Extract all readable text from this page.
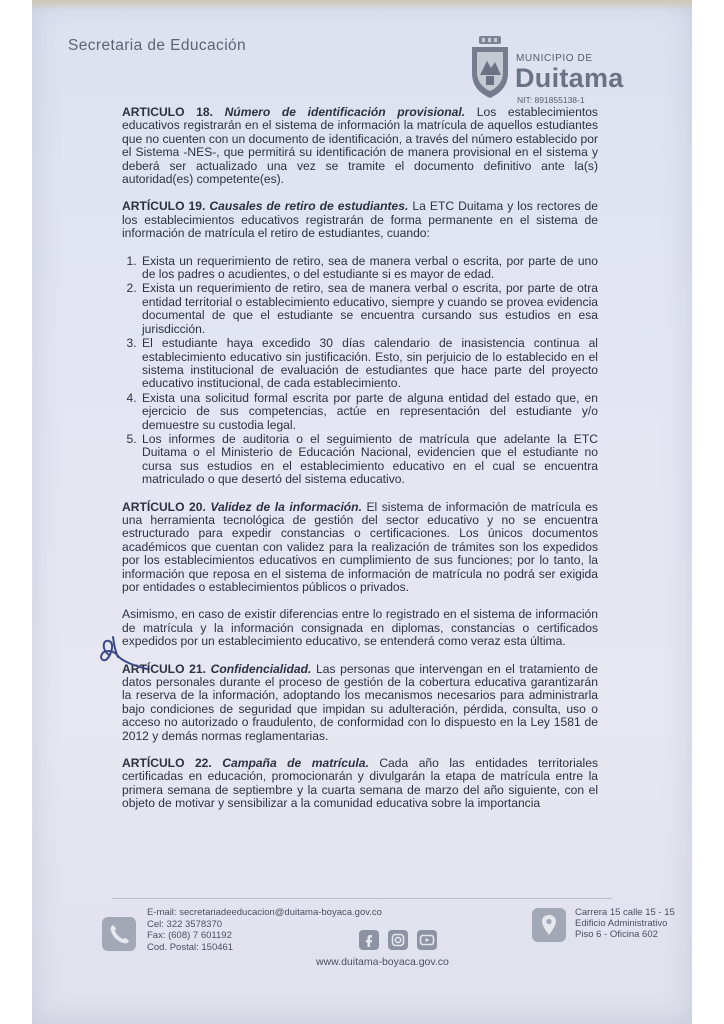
Secretaria de Educación
MUNICIPIO DE
Duitama
NIT: 891855138-1

ARTICULO 18. Número de identificación provisional. Los establecimientos educativos registrarán en el sistema de información la matrícula de aquellos estudiantes que no cuenten con un documento de identificación, a través del número establecido por el Sistema -NES-, que permitirá su identificación de manera provisional en el sistema y deberá ser actualizado una vez se tramite el documento definitivo ante la(s) autoridad(es) competente(es).

ARTÍCULO 19. Causales de retiro de estudiantes. La ETC Duitama y los rectores de los establecimientos educativos registrarán de forma permanente en el sistema de información de matrícula el retiro de estudiantes, cuando:

1. Exista un requerimiento de retiro, sea de manera verbal o escrita, por parte de uno de los padres o acudientes, o del estudiante si es mayor de edad.
2. Exista un requerimiento de retiro, sea de manera verbal o escrita, por parte de otra entidad territorial o establecimiento educativo, siempre y cuando se provea evidencia documental de que el estudiante se encuentra cursando sus estudios en esa jurisdicción.
3. El estudiante haya excedido 30 días calendario de inasistencia continua al establecimiento educativo sin justificación. Esto, sin perjuicio de lo establecido en el sistema institucional de evaluación de estudiantes que hace parte del proyecto educativo institucional, de cada establecimiento.
4. Exista una solicitud formal escrita por parte de alguna entidad del estado que, en ejercicio de sus competencias, actúe en representación del estudiante y/o demuestre su custodia legal.
5. Los informes de auditoria o el seguimiento de matrícula que adelante la ETC Duitama o el Ministerio de Educación Nacional, evidencien que el estudiante no cursa sus estudios en el establecimiento educativo en el cual se encuentra matriculado o que desertó del sistema educativo.

ARTÍCULO 20. Validez de la información. El sistema de información de matrícula es una herramienta tecnológica de gestión del sector educativo y no se encuentra estructurado para expedir constancias o certificaciones. Los únicos documentos académicos que cuentan con validez para la realización de trámites son los expedidos por los establecimientos educativos en cumplimiento de sus funciones; por lo tanto, la información que reposa en el sistema de información de matrícula no podrá ser exigida por entidades o establecimientos públicos o privados.

Asimismo, en caso de existir diferencias entre lo registrado en el sistema de información de matrícula y la información consignada en diplomas, constancias o certificados expedidos por un establecimiento educativo, se entenderá como veraz esta última.

ARTÍCULO 21. Confidencialidad. Las personas que intervengan en el tratamiento de datos personales durante el proceso de gestión de la cobertura educativa garantizarán la reserva de la información, adoptando los mecanismos necesarios para administrarla bajo condiciones de seguridad que impidan su adulteración, pérdida, consulta, uso o acceso no autorizado o fraudulento, de conformidad con lo dispuesto en la Ley 1581 de 2012 y demás normas reglamentarias.

ARTÍCULO 22. Campaña de matrícula. Cada año las entidades territoriales certificadas en educación, promocionarán y divulgarán la etapa de matrícula entre la primera semana de septiembre y la cuarta semana de marzo del año siguiente, con el objeto de motivar y sensibilizar a la comunidad educativa sobre la importancia

E-mail: secretariadeeducacion@duitama-boyaca.gov.co
Cel: 322 3578370
Fax: (608) 7 601192
Cod. Postal: 150461
www.duitama-boyaca.gov.co
Carrera 15 calle 15 - 15
Edificio Administrativo
Piso 6 - Oficina 602
